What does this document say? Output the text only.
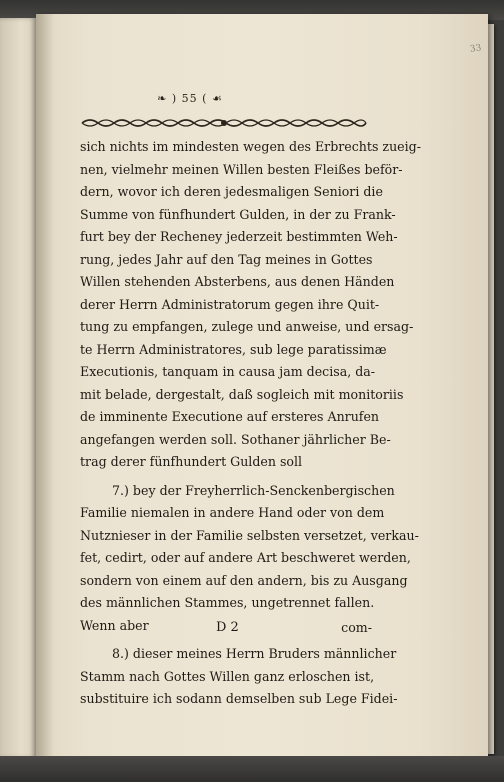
33
❧ ) 55 ( ☙
sich nichts im mindesten wegen des Erbrechts zueig-
nen, vielmehr meinen Willen besten Fleißes beför-
dern, wovor ich deren jedesmaligen Seniori die
Summe von fünfhundert Gulden, in der zu Frank-
furt bey der Recheney jederzeit bestimmten Weh-
rung, jedes Jahr auf den Tag meines in Gottes
Willen stehenden Absterbens, aus denen Händen
derer Herrn Administratorum gegen ihre Quit-
tung zu empfangen, zulege und anweise, und ersag-
te Herrn Administratores, sub lege paratissimæ
Executionis, tanquam in causa jam decisa, da-
mit belade, dergestalt, daß sogleich mit monitoriis
de imminente Executione auf ersteres Anrufen
angefangen werden soll. Sothaner jährlicher Be-
trag derer fünfhundert Gulden soll
7.) bey der Freyherrlich-Senckenbergischen
Familie niemalen in andere Hand oder von dem
Nutznieser in der Familie selbsten versetzet, verkau-
fet, cedirt, oder auf andere Art beschweret werden,
sondern von einem auf den andern, bis zu Ausgang
des männlichen Stammes, ungetrennet fallen.
Wenn aber
8.) dieser meines Herrn Bruders männlicher
Stamm nach Gottes Willen ganz erloschen ist,
substituire ich sodann demselben sub Lege Fidei-
D 2	com-
